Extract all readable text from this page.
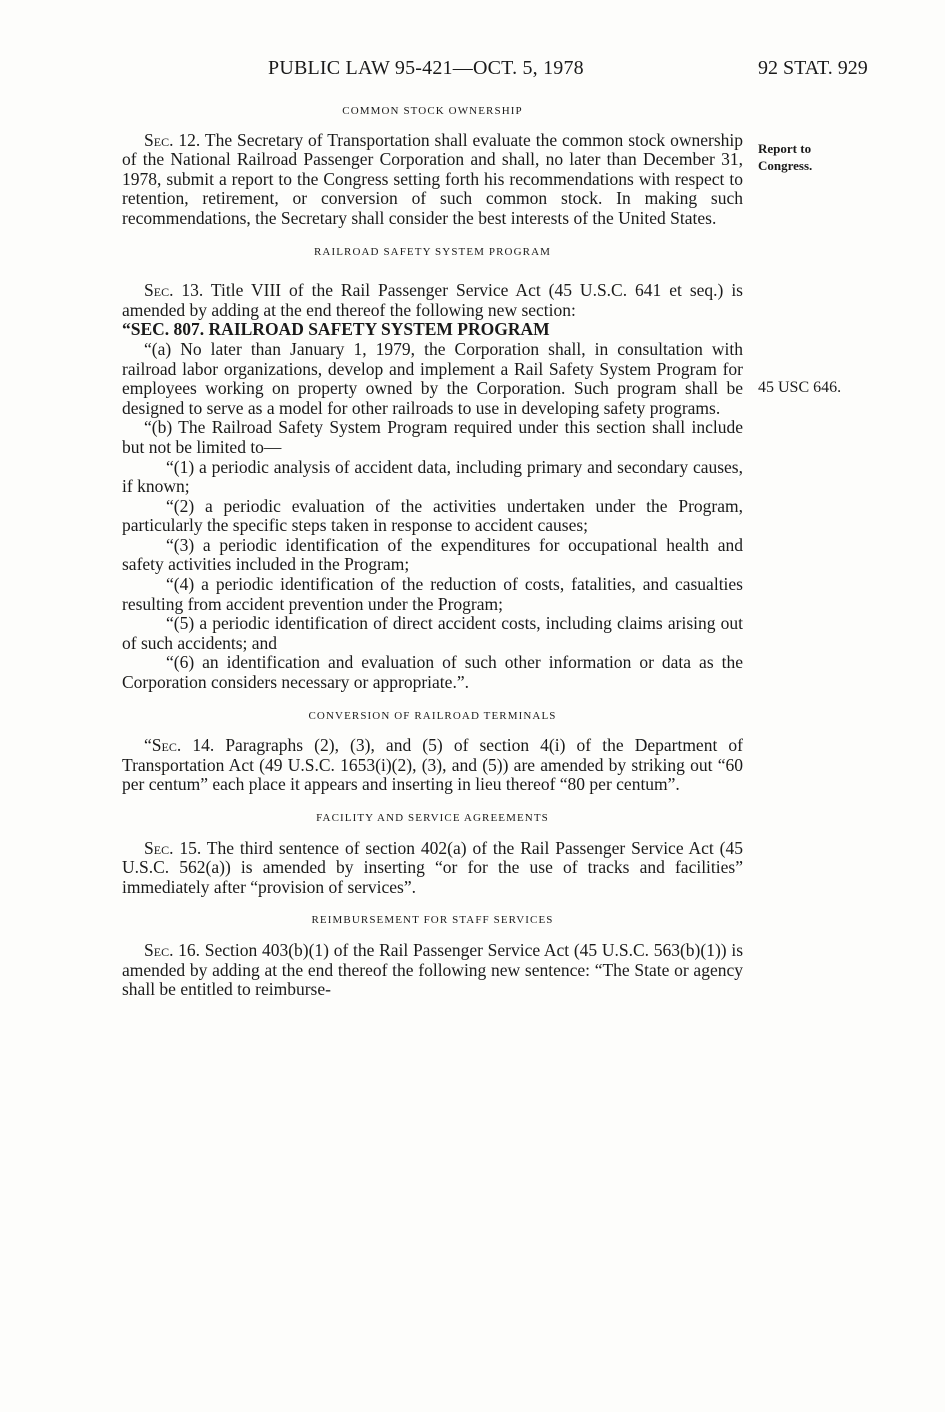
PUBLIC LAW 95-421—OCT. 5, 1978	92 STAT. 929
Report to
Congress.
45 USC 646.
COMMON STOCK OWNERSHIP

Sec. 12. The Secretary of Transportation shall evaluate the common stock ownership of the National Railroad Passenger Corporation and shall, no later than December 31, 1978, submit a report to the Congress setting forth his recommendations with respect to retention, retirement, or conversion of such common stock. In making such recommendations, the Secretary shall consider the best interests of the United States.

RAILROAD SAFETY SYSTEM PROGRAM

Sec. 13. Title VIII of the Rail Passenger Service Act (45 U.S.C. 641 et seq.) is amended by adding at the end thereof the following new section:

“SEC. 807. RAILROAD SAFETY SYSTEM PROGRAM

“(a) No later than January 1, 1979, the Corporation shall, in consultation with railroad labor organizations, develop and implement a Rail Safety System Program for employees working on property owned by the Corporation. Such program shall be designed to serve as a model for other railroads to use in developing safety programs.

“(b) The Railroad Safety System Program required under this section shall include but not be limited to—

“(1) a periodic analysis of accident data, including primary and secondary causes, if known;

“(2) a periodic evaluation of the activities undertaken under the Program, particularly the specific steps taken in response to accident causes;

“(3) a periodic identification of the expenditures for occupational health and safety activities included in the Program;

“(4) a periodic identification of the reduction of costs, fatalities, and casualties resulting from accident prevention under the Program;

“(5) a periodic identification of direct accident costs, including claims arising out of such accidents; and

“(6) an identification and evaluation of such other information or data as the Corporation considers necessary or appropriate.”.

CONVERSION OF RAILROAD TERMINALS

“Sec. 14. Paragraphs (2), (3), and (5) of section 4(i) of the Department of Transportation Act (49 U.S.C. 1653(i)(2), (3), and (5)) are amended by striking out “60 per centum” each place it appears and inserting in lieu thereof “80 per centum”.

FACILITY AND SERVICE AGREEMENTS

Sec. 15. The third sentence of section 402(a) of the Rail Passenger Service Act (45 U.S.C. 562(a)) is amended by inserting “or for the use of tracks and facilities” immediately after “provision of services”.

REIMBURSEMENT FOR STAFF SERVICES

Sec. 16. Section 403(b)(1) of the Rail Passenger Service Act (45 U.S.C. 563(b)(1)) is amended by adding at the end thereof the following new sentence: “The State or agency shall be entitled to reimburse-
